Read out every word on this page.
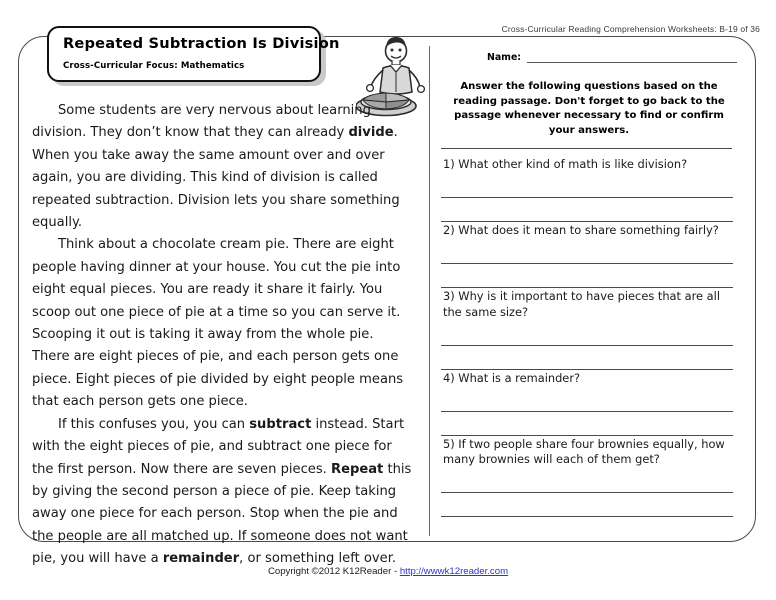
Cross-Curricular Reading Comprehension Worksheets: B-19 of 36
Repeated Subtraction Is Division
Cross-Curricular Focus: Mathematics
Some students are very nervous about learning division. They don’t know that they can already divide. When you take away the same amount over and over again, you are dividing. This kind of division is called repeated subtraction. Division lets you share something equally.
Think about a chocolate cream pie. There are eight people having dinner at your house. You cut the pie into eight equal pieces. You are ready it share it fairly. You scoop out one piece of pie at a time so you can serve it. Scooping it out is taking it away from the whole pie. There are eight pieces of pie, and each person gets one piece. Eight pieces of pie divided by eight people means that each person gets one piece.
If this confuses you, you can subtract instead. Start with the eight pieces of pie, and subtract one piece for the first person. Now there are seven pieces. Repeat this by giving the second person a piece of pie. Keep taking away one piece for each person. Stop when the pie and the people are all matched up. If someone does not want pie, you will have a remainder, or something left over.
Name:
Answer the following questions based on the reading passage. Don't forget to go back to the passage whenever necessary to find or confirm your answers.
1) What other kind of math is like division?
2) What does it mean to share something fairly?
3) Why is it important to have pieces that are all the same size?
4) What is a remainder?
5) If two people share four brownies equally, how many brownies will each of them get?
Copyright ©2012 K12Reader - http://wwwk12reader.com
